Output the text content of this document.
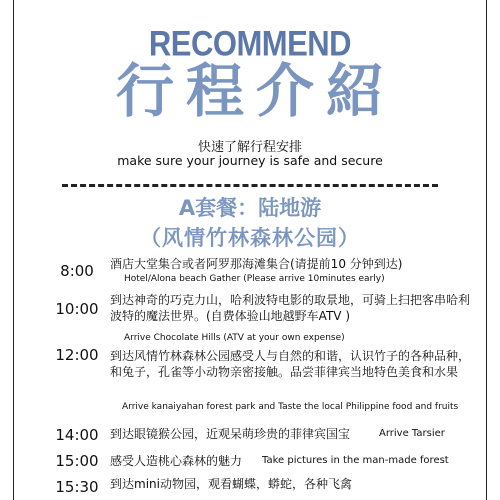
RECOMMEND
行程介紹
快速了解行程安排
make sure your journey is safe and secure
A套餐：陆地游
（风情竹林森林公园）
8:00	酒店大堂集合或者阿罗那海滩集合(请提前10 分钟到达)
Hotel/Alona beach Gather (Please arrive 10minutes early)
10:00 到达神奇的巧克力山，哈利波特电影的取景地，可骑上扫把客串哈利波特的魔法世界。(自费体验山地越野车ATV )
Arrive Chocolate Hills (ATV at your own expense)
12:00 到达风情竹林森林公园感受人与自然的和谐，认识竹子的各种品种，和兔子，孔雀等小动物亲密接触。品尝菲律宾当地特色美食和水果
Arrive kanaiyahan forest park and Taste the local Philippine food and fruits
14:00 到达眼镜猴公园，近观呆萌珍贵的菲律宾国宝	Arrive Tarsier
15:00 感受人造桃心森林的魅力	Take pictures in the man-made forest
15:30 到达mini动物园，观看蝴蝶，蟒蛇，各种飞禽
